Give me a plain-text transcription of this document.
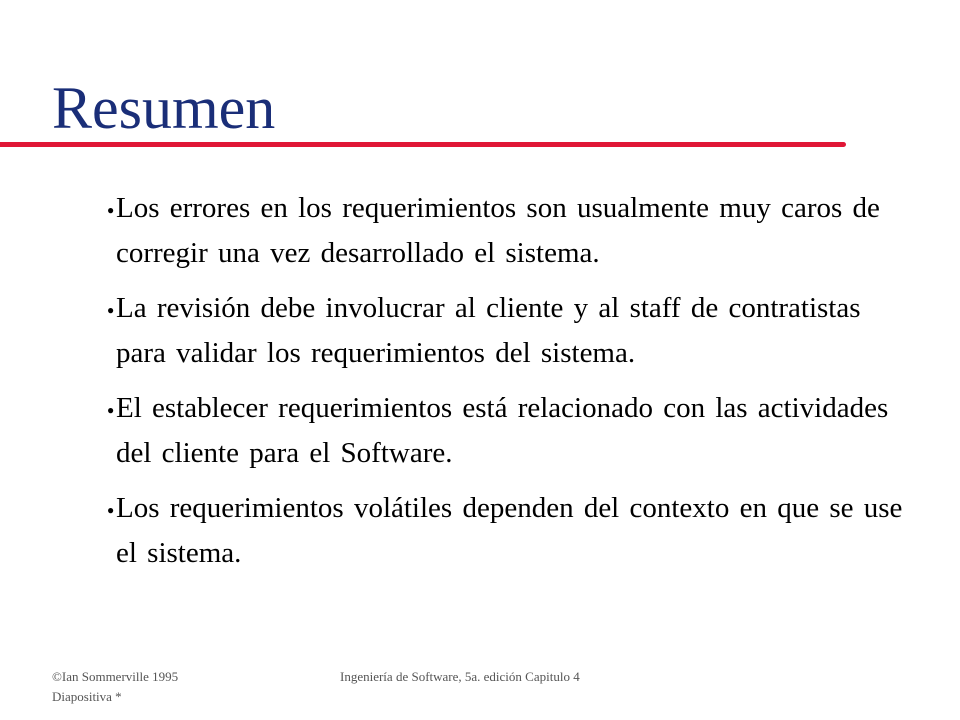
Resumen
● Los errores en los requerimientos son usualmente muy caros de corregir una vez desarrollado el sistema.
● La revisión debe involucrar al cliente y al staff de contratistas para validar los requerimientos del sistema.
● El establecer requerimientos está relacionado con las actividades del cliente para el Software.
● Los requerimientos volátiles dependen del contexto en que se use el sistema.
©Ian Sommerville 1995	Ingeniería de Software, 5a. edición Capitulo 4
Diapositiva *
